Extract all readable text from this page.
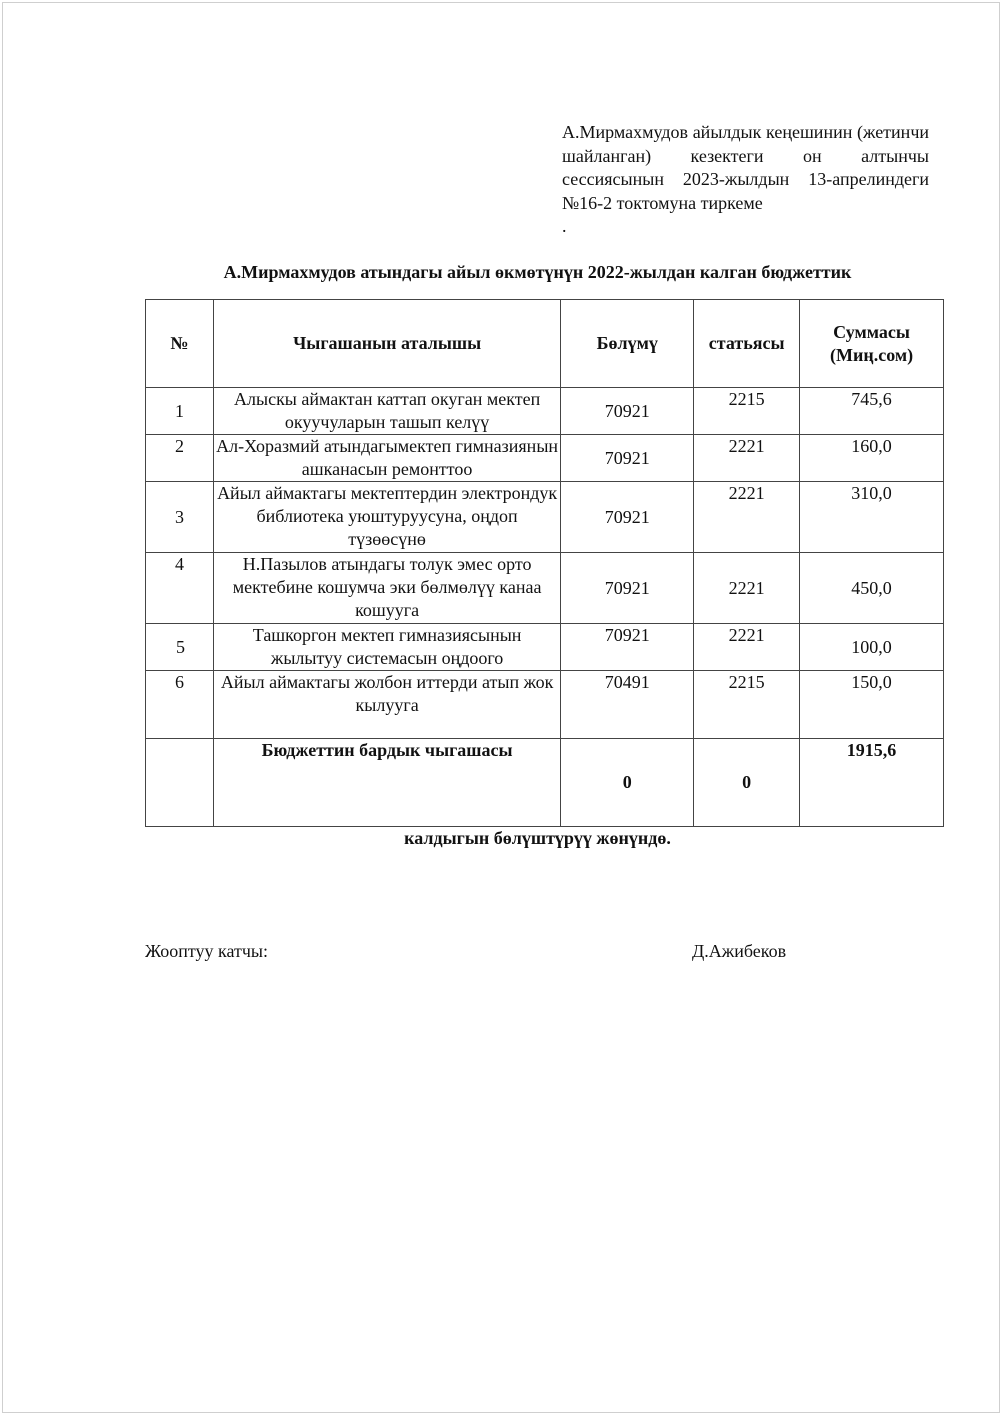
А.Мирмахмудов айылдык кеңешинин (жетинчи шайланган) кезектеги он алтынчы сессиясынын 2023-жылдын 13-апрелиндеги №16-2 токтомуна тиркеме
.
А.Мирмахмудов атындагы айыл өкмөтүнүн 2022-жылдан калган бюджеттик
№	Чыгашанын аталышы	Бөлүмү	статьясы	Суммасы
(Миң.сом)

1	Алыскы аймактан каттап окуган мектеп окуучуларын ташып келүү	70921	2215	745,6
2	Ал-Хоразмий атындагымектеп гимназиянын ашканасын ремонттоо	70921	2221	160,0
3	Айыл аймактагы мектептердин электрондук библиотека уюштуруусуна, оңдоп түзөөсүнө	70921	2221	310,0
4	Н.Пазылов атындагы толук эмес орто мектебине кошумча эки бөлмөлүү канаа кошууга	70921	2221	450,0
5	Ташкоргон мектеп гимназиясынын жылытуу системасын оңдоого	70921	2221	100,0
6	Айыл аймактагы жолбон иттерди атып жок кылууга	70491	2215	150,0
	Бюджеттин бардык чыгашасы	0	0	1915,6
калдыгын бөлүштүрүү жөнүндө.
Жооптуу катчы:	Д.Ажибеков
